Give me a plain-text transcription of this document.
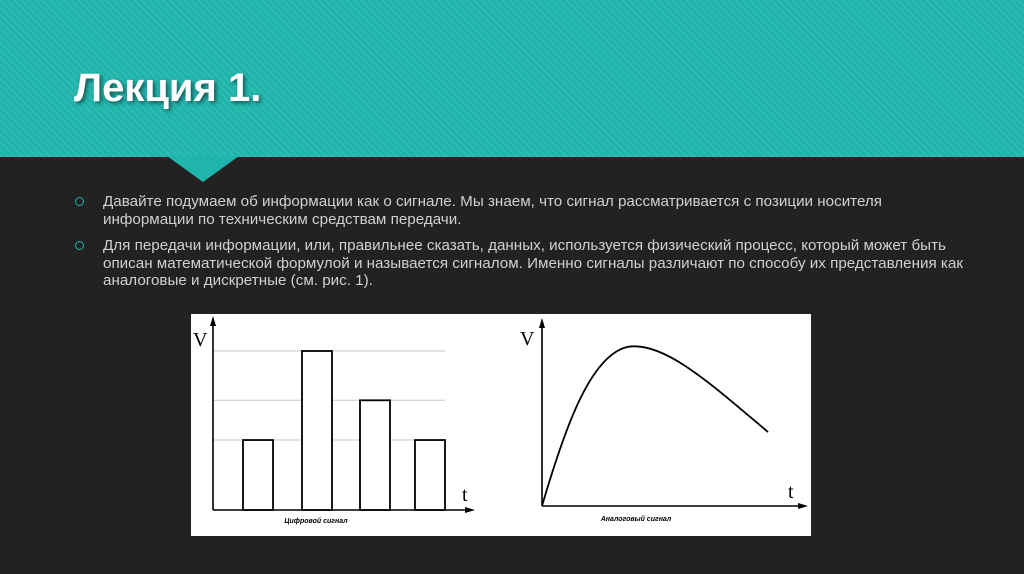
Лекция 1.
Давайте подумаем об информации как о сигнале. Мы знаем, что сигнал рассматривается с позиции носителя информации по техническим средствам передачи.
Для передачи информации, или, правильнее сказать, данных, используется физический процесс, который может быть описан математической формулой и называется сигналом. Именно сигналы различают по способу их представления как аналоговые и дискретные (см. рис. 1).
V
t
Цифровой сигнал
V
t
Аналоговый сигнал
